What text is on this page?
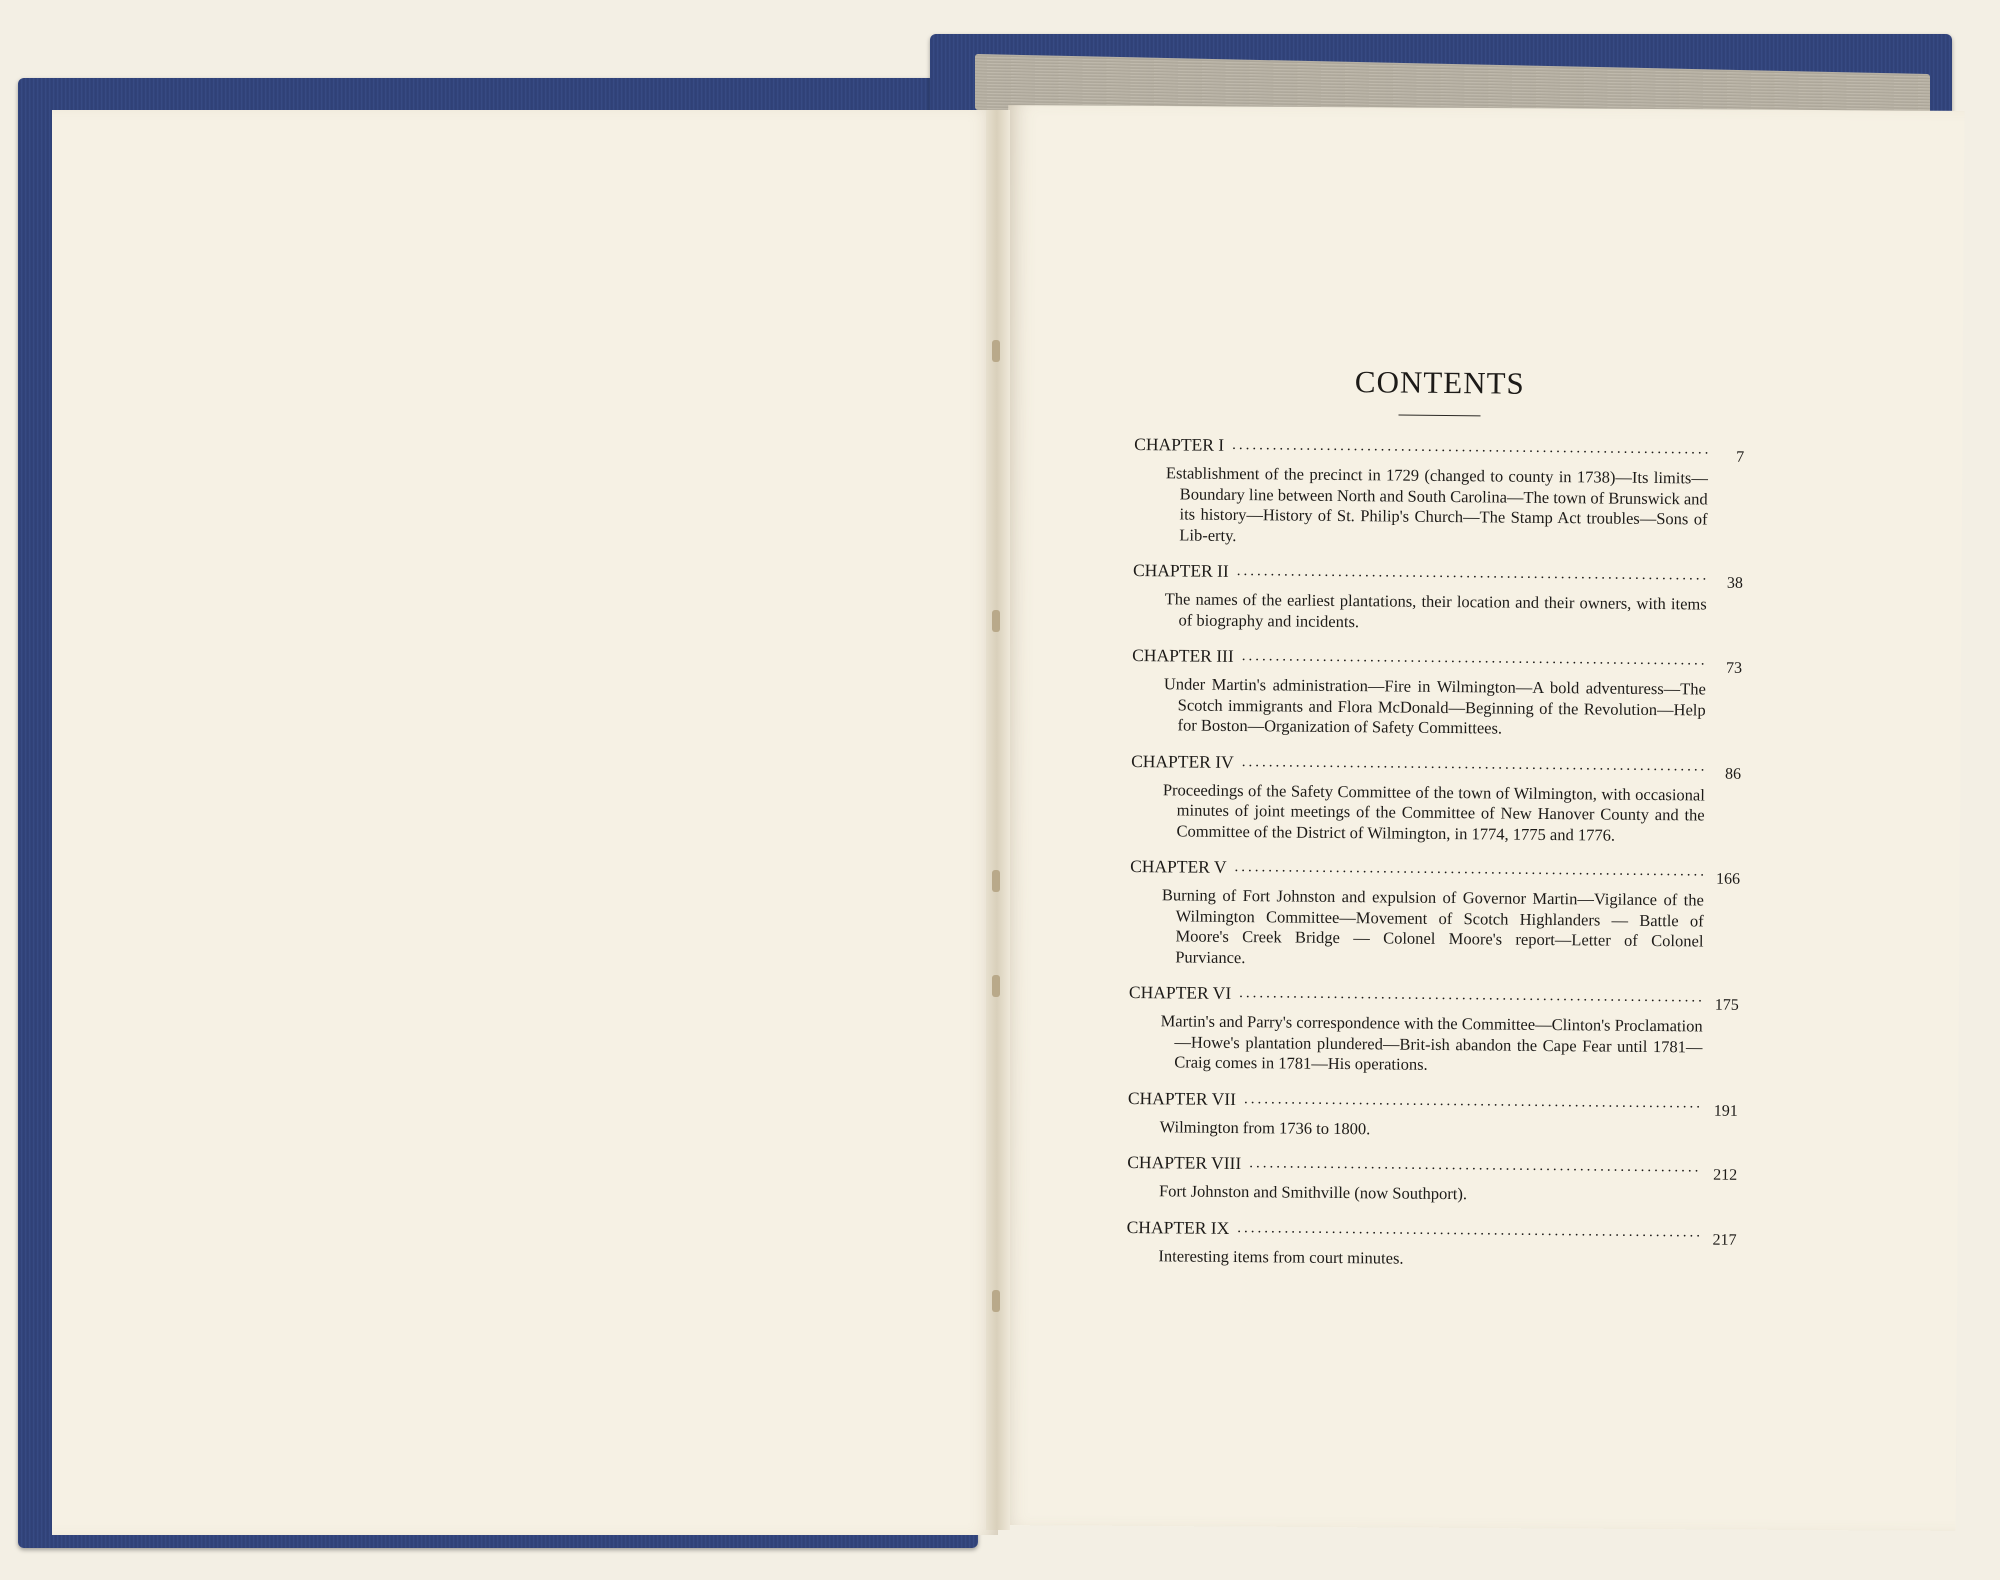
CONTENTS
CHAPTER I
.....
7
Establishment of the precinct in 1729 (changed to county in 1738)—Its limits—Boundary line between North and South Carolina—The town of Brunswick and its history—History of St. Philip's Church—The Stamp Act troubles—Sons of Lib-erty.
CHAPTER II
.....
38
The names of the earliest plantations, their location and their owners, with items of biography and incidents.
CHAPTER III
.....
73
Under Martin's administration—Fire in Wilmington—A bold adventuress—The Scotch immigrants and Flora McDonald—Beginning of the Revolution—Help for Boston—Organization of Safety Committees.
CHAPTER IV
.....
86
Proceedings of the Safety Committee of the town of Wilmington, with occasional minutes of joint meetings of the Committee of New Hanover County and the Committee of the District of Wilmington, in 1774, 1775 and 1776.
CHAPTER V
.....
166
Burning of Fort Johnston and expulsion of Governor Martin—Vigilance of the Wilmington Committee—Movement of Scotch Highlanders — Battle of Moore's Creek Bridge — Colonel Moore's report—Letter of Colonel Purviance.
CHAPTER VI
.....
175
Martin's and Parry's correspondence with the Committee—Clinton's Proclamation—Howe's plantation plundered—Brit-ish abandon the Cape Fear until 1781—Craig comes in 1781—His operations.
CHAPTER VII
.....
191
Wilmington from 1736 to 1800.
CHAPTER VIII
.....
212
Fort Johnston and Smithville (now Southport).
CHAPTER IX
.....
217
Interesting items from court minutes.
